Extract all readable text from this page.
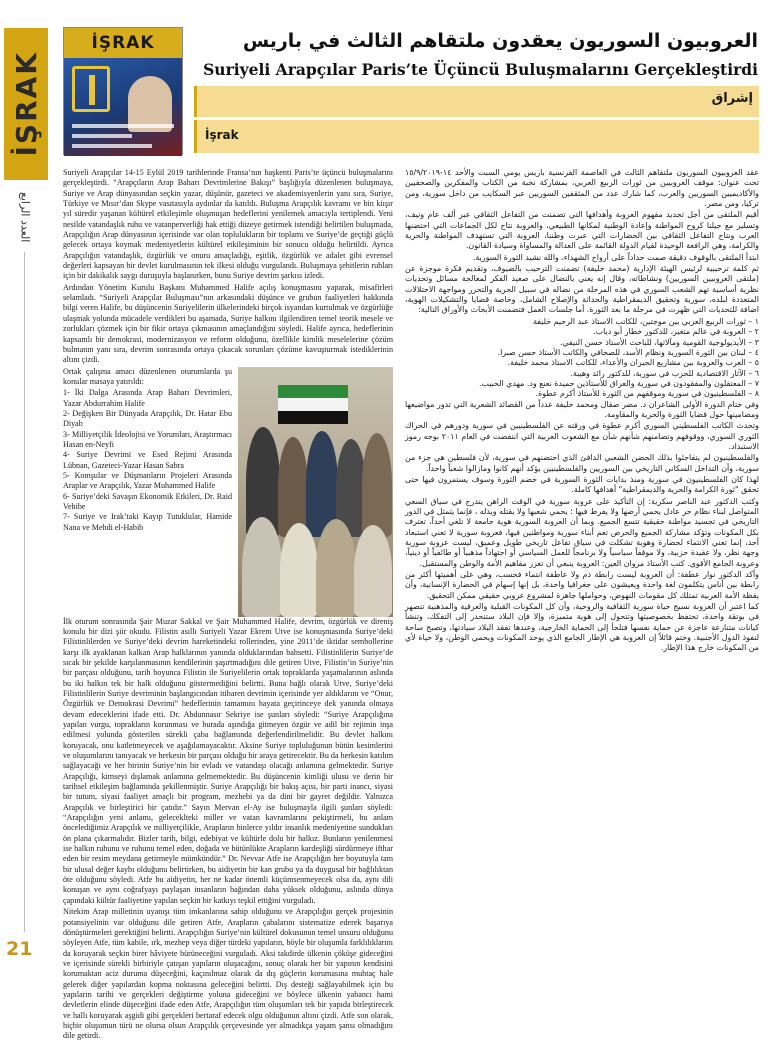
İŞRAK
العدد الرابع
21
İŞRAK	العروبيون السوريون يعقدون ملتقاهم الثالث في باريس
Suriyeli Arapçılar Paris’te Üçüncü Buluşmalarını Gerçekleştirdi
إشراق
İşrak

Suriyeli Arapçılar 14-15 Eylül 2019 tarihlerinde Fransa’nın başkenti Paris’te üçüncü buluşmalarını gerçekleştirdi. “Arapçıların Arap Baharı Devrimlerine Bakışı” başlığıyla düzenlenen buluşmaya, Suriye ve Arap dünyasından seçkin yazar, düşünür, gazeteci ve akademisyenlerin yanı sıra, Suriye, Türkiye ve Mısır’dan Skype vasıtasıyla aydınlar da katıldı. Buluşma Arapçılık kavramı ve bin kiışır yıl süredir yaşanan kültürel etkileşimle oluşmuşan hedeflerini yenilemek amacıyla tertiplendi. Yeni nesilde vatandaşlık ruhu ve vatanperverliği hak ettiği düzeye getirmek istendiği belirtilen buluşmada, Arapçılığın Arap dünyasının içerisinde var olan toplulukların bir toplamı ve Suriye’de geçtiği güçlü gelecek ortaya koymak medeniyetlerin kültürel etkileşiminin bir sonucu olduğu belirtildi. Ayrıca Arapçılığın vatandaşlık, özgürlük ve onuru amaçladığı, eşitlik, özgürlük ve adalet gibi evrensel değerleri kapsayan bir devlet kurulmasının tek ilkesi olduğu vurgulandı. Buluşmaya şehitlerin ruhları için bir dakikalık saygı duruşuyla başlanırken, bunu Suriye devrim şarkısı izledi.

Ardından Yönetim Kurulu Başkanı Muhammed Halife açılış konuşmasını yaparak, misafirleri selamladı. “Suriyeli Arapçılar Buluşması”nın arkasındaki düşünce ve grubun faaliyetleri hakkında bilgi veren Halife, bu düşüncenin Suriyelilerin ülkelerindeki birçok isyandan kurtulmak ve özgürlüğe ulaşmak yolunda mücadele verdikleri bu aşamada, Suriye halkını ilgilendiren temel teorik mesele ve zorlukları çözmek için bir fikir ortaya çıkmasının amaçlandığını söyledi. Halife ayrıca, hedeflerinin kapsamlı bir demokrasi, modernizasyon ve reform olduğunu, özellikle kimlik meselelerine çözüm bulmanın yanı sıra, devrim sonrasında ortaya çıkacak sorunları çözüme kavuşturmak istediklerinin altını çizdi.

Ortak çalışma amacı düzenlenen oturumlarda şu konular masaya yatırıldı:

1- İki Dalga Arasında Arap Baharı Devrimleri, Yazar Abdurrahim Halife
2- Değişken Bir Dünyada Arapçılık, Dr. Hatar Ebu Diyab
3- Milliyetçilik İdeolojisi ve Yorumları, Araştırmacı Hasan en-Neyfi
4- Suriye Devrimi ve Esed Rejimi Arasında Lübnan, Gazeteci-Yazar Hasan Sabra
5- Komşular ve Düşmanların Projeleri Arasında Araplar ve Arapçılık, Yazar Muhammed Halife
6- Suriye’deki Savaşın Ekonomik Etkileri, Dr. Raid Vehibe
7- Suriye ve Irak’taki Kayıp Tutuklular, Hamide Nana ve Mehdi el-Habib

İlk oturum sonrasında Şair Muzar Sakkal ve Şair Muhammed Halife, devrim, özgürlük ve direniş konulu bir dizi şiir okudu. Filistin asıllı Suriyeli Yazar Ekrem Utve ise konuşmasında Suriye’deki Filistinlilerden ve Suriye’deki devrim hareketindeki rollerinden, yine 2011’de iktidar sembollerine karşı ilk ayaklanan kalkan Arap halklarının yanında olduklarından bahsetti. Filistinlilerin Suriye’de sıcak bir şekilde karşılanmasının kendilerinin şaşırtmadığını dile getiren Utve, Filistin’in Suriye’nin bir parçası olduğunu, tarih boyunca Filistin ile Suriyelilerin ortak topraklarda yaşamalarının aslında bu iki halkın tek bir halk olduğunu göstermediğini belirtti. Buna bağlı olarak Utve, Suriye’deki Filistinlilerin Suriye devriminin başlangıcından itibaren devrimin içerisinde yer aldıklarını ve “Onur, Özgürlük ve Demokrasi Devrimi” hedeflerinin tamamını hayata geçirinceye dek yanında olmaya devam edeceklerini ifade etti. Dr. Abdunnasır Sekriye ise şunları söyledi: “Suriye Arapçılığına yapılan vurgu, toprakların korunması ve burada aşındığa gitmeyen özgür ve adil bir rejimin inşa edilmesi yolunda gösterilen sürekli çaba bağlamında değerlendirilmelidir. Bu devlet halkını koruyacak, onu katletmeyecek ve aşağılamayacaktır. Aksine Suriye topluluğunun bütün kesimlerini ve oluşumlarını tanıyacak ve herkesin bir parçası olduğu bir araya getirecektir. Bu da herkesin katılım sağlayacağı ve her birinin Suriye’nin bir evladı ve vatandaşı olacağı anlamına gelmektedir. Suriye Arapçılığı, kimseyi dışlamak anlamına gelmemektedir. Bu düşüncenin kimliği ulusu ve derin bir tarihsel etkileşim bağlamında şekillenmiştir. Suriye Arapçılığı bir bakış açısı, bir parti inancı, siyasi bir tutum, siyasi faaliyet amaçlı bir program, mezhebi ya da dini bir gayret değildir. Yalnızca Arapçılık ve birleştirici bir çatıdır.” Sayın Mervan el-Ay ise buluşmayla ilgili şunları söyledi: “Arapçılığın yeni anlamı, geleceklteki miller ve vatan kavramlarını pekiştirmeli, bu anlam öncelediğimiz Arapçılık ve milliyetçilikle, Arapların binlerce yıldır insanlık medeniyetine sundukları ön plana çıkarmalıdır. Bizler tarih, bilgi, edebiyat ve kültürle dolu bir halkız. Bunların yenilenmesi ise halkın ruhunu ve ruhunu temel eden, doğada ve bütünlükte Arapların kardeşliği sürdürmeye ifthar eden bir resim meydana getirmeyle mümkündür.” Dr. Nevvar Atfe ise Arapçılığın her boyutuyla tam bir ulusal değer kaybı olduğunu belirtirken, bu aidiyetin bir kan grubu ya da duygusal bir bağlılıktan öte olduğunu söyledi. Atfe bu aidiyetin, her ne kadar önemli küçümsenmeyecek olsa da, aynı dili konuşan ve aynı coğrafyayı paylaşan insanların bağından daha yüksek olduğunu, aslında dünya çapındaki kültür faaliyetine yapılan seçkin bir katkıyı teşkil ettiğini vurguladı.

Nitekim Arap milletinin uyanışı tüm imkanlarına sahip olduğunu ve Arapçılığın gerçek projesinin potansiyelinin var olduğunu dile getiren Atfe, Arapların çabalarını sistematize ederek başarıya dönüştürmeleri gerektiğini belirtti. Arapçılığın Suriye’nin kültürel dokusunun temel unsuru olduğunu söyleyen Atfe, tüm kabile, ırk, mezhep veya diğer türdeki yapıların, böyle bir oluşumla farklılıklarını da koruyarak seçkin birer hâviyete bürüneceğini vurguladı. Aksi takdirde ülkenin çöküşe gideceğini ve içerisinde sürekli birbiriyle çatışan yapıların oluşacağını, sonuç olarak her bir yapının kendisini korumaktan aciz duruma düşeceğini, kaçınılmaz olarak da dış güçlerin korumasına muhtaç hale gelerek diğer yapılardan kopma noktasına geleceğini belirtti. Dış desteği sağlayabilmek için bu yapıların tarihi ve gerçekleri değiştirme yoluna gideceğini ve böylece ülkenin yabancı hami devletlerin elinde düşeceğini ifade eden Atfe, Arapçılığın tüm oluşumları tek bir yapıda birleştirecek ve hallı koruyarak aşgidi gibi gerçekleri bertaraf edecek olgu olduğunun altını çizdi. Atfe son olarak, hiçbir oluşumun türü ne olursa olsun Arapçılık çerçevesinde yer almadıkça yaşam şansı olmadığını dile getirdi.

عقد العروبيون السوريون ملتقاهم الثالث في العاصمة الفرنسية باريس يومي السبت والأحد ١٤-١٥/٩/٢٠١٩ تحت عنوان: موقف العروبيين من ثورات الربيع العربي، بمشاركة نخبة من الكتاب والمفكرين والصحفيين والأكاديميين السوريين والعرب، كما شارك عدد من المثقفين السوريين عبر السكايب من داخل سورية، ومن تركيا، ومن مصر.

أقيم الملتقى من أجل تجديد مفهوم العروبة وأهدافها التي تضمنت من التفاعل الثقافي عبر ألف عام ونيف، وتسلير مع جيلنا كروح المواطنة وإعادة الوطنية لمكانها الطبيعي، والعروبة نتاج لكل الجماعات التي احتضنها العرب ونتاج التفاعل الثقافي بين الحضارات التي عبرت وطننا، العروبة التي تستهدف المواطنة والحرية والكرامة، وهي الرافعة الوحيدة لقيام الدولة القائمة على العدالة والمساواة وسيادة القانون.

ابتدأ الملتقى بالوقوف دقيقة صمت حداداً على أرواح الشهداء، والله نشيد الثورة السورية.

ثم كلمة ترحيبية لرئيس الهيئة الإدارية (محمد خليفة) تضمنت الترحيب بالضيوف، وتقديم فكرة موجزة عن (ملتقى العروبيين السوريين) ونشاطاته، وقال إنه يعني بالنضال على صعيد الفكر لمعالجة مسائل وتحديات نظرية أساسية تهم الشعب السوري في هذه المرحلة من نضاله في سبيل الحرية والتحرر ومواجهة الاحتلالات المتعددة لبلده، سورية وتحقيق الديمقراطية والحداثة والإصلاح الشامل، وخاصة قضايا والتشكيلات الهوية، اضافة للتحديات التي ظهرت في مرحلة ما بعد الثورة. أما جلسات العمل فتضمنت الأبحاث والأوراق التالية:

١ – ثورات الربيع العربي بين موجتين، للكاتب الاستاذ عبد الرحيم خليفة
٢ – العروبة في عالم متغير، للدكتور خطار أبو دياب.
٣ – الأيديولوجية القومية ومآلاتها، للباحث الأستاذ حسن النيفي.
٤ – لبنان بين الثورة السورية ونظام الأسد، للصحافي والكاتب الأستاذ حسن صبرا.
٥ – العرب والعروبة بين مشاريع الجيران والأعداء، للكاتب الاستاذ محمد خليفة.
٦ – الآثار الاقتصادية للحرب في سورية، للدكتور رائد وهيبة.
٧ – المعتقلون والمفقودون في سورية والعراق للأستاذين حميدة نعنع ود. مهدي الحبيب.
٨ – الفلسطينيون في سورية وموقفهم من الثورة للأستاذ أكرم عطوة.

وفي ختام الدورة الأولى الشاعران د. مضر صقال ومحمد خليفة عدداً من القصائد الشعرية التي تدور مواضيعها ومضامينها حول قضايا الثورة والحرية والمقاومة.

وتحدث الكاتب الفلسطيني السوري أكرم عطوة في ورقته عن الفلسطينيين في سورية ودورهم في الحراك الثوري السوري، ووقوفهم وتضامنهم شأنهم شأن مع الشعوب العربية التي انتفضت في العام ٢٠١١ بوجه رموز الاستبداد.

والفلسطينيون لم يتفاجئوا بذلك الحضن الشعبي الدافئ الذي احتضنهم في سورية، لأن فلسطين هي جزء من سورية، وأن التداخل السكاني التاريخي بين السوريين والفلسطينيين يؤكد أنهم كانوا ومازالوا شعباً واحداً.

لهذا كان الفلسطينيون في سورية ومنذ بدايات الثورة السورية في خضم الثورة وسوف يستمرون فيها حتى تحقق "ثورة الكرامة والحرية والديمقراطية" أهدافها كاملة.

وكتب الدكتور عبد الناصر سكرية: إن التأكيد على عروبة سورية في الوقت الراهن يندرج في سياق السعي المتواصل لبناء نظام حر عادل يحمي أرضها ولا يفرط فيها ؛ يحمي شعبها ولا يقتله ويذله ، فإنما يتمثل في الدور التاريخي في تجسيد مواطنة حقيقية تتسع الجميع. وبما أن العروبة السورية هوية جامعة لا تلغي أحداً، تعترف بكل المكونات وتؤكد مشاركة الجميع والحرص تعم أبناء سورية ومواطنين فيها، فعروبة سورية لا تعني استبعاد أحد، إنما تعني الانتماء لحضارة وهوية تشكلت في سياق تفاعل تاريخي طويل وعميق، ليست عروبة سورية وجهة نظر، ولا عقيدة حزبية، ولا موقفاً سياسياً ولا برنامجاً للعمل السياسي أو اجتهاداً مذهبياً أو طائفياً أو دينياً، وعروبة الجامع الأقوى. كتب الأستاذ مروان العين: العروبة ينبغي أن تعزز مفاهيم الأمة والوطن والمستقبل.

وأكد الدكتور نوار عطفة: أن العروبة ليست رابطة دم ولا عاطفة انتماء فحسب، وهي على أهميتها أكثر من رابطة بين أناس يتكلمون لغة واحدة ويعيشون على جغرافيا واحدة، بل إنها إسهام في الحضارة الإنسانية، وأن يقظة الأمة العربية تمتلك كل مقومات النهوض، وحواملها جاهزة لمشروع عروبي حقيقي ممكن التحقيق.

كما اعتبر أن العروبة نسيج حياة سورية الثقافية والروحية، وأن كل المكونات القبلية والعرقية والمذهبية تنصهر في بوتقة واحدة، تحتفظ بخصوصيتها وتتحول إلى هوية متميزة، وإلا فإن البلاد ستنحدر إلى التفكك، وتنشأ كيانات متنازعة عاجزة عن حماية نفسها فتلجأ إلى الحماية الخارجية، وعندها تفقد البلاد سيادتها، وتصبح ساحة لنفوذ الدول الأجنبية. وختم قائلاً إن العروبة هي الإطار الجامع الذي يوحد المكونات ويحمي الوطن، ولا حياة لأي من المكونات خارج هذا الإطار.
